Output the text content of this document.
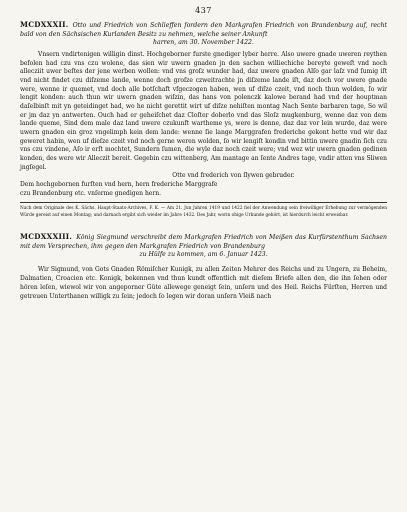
437
MCDXXXII. Otto und Friedrich von Schlieffen fordern den Markgrafen Friedrich von Brandenburg auf, recht bald von den Sächsischen Kurlanden Besitz zu nehmen, welche seiner Ankunft
harren, am 30. November 1422.

Vnsern vndirtenigen willigin dinst. Hochgeborner furste gnediger lyber herre. Also uwere gnade uweren reythen befolen had czu vns czu wolene, das sien wir uwern gnaden jn den sachen williechiche bereyte geweſt vnd noch allecziit uwer beſtes der jene werben wollen: vnd vns groſz wunder had, daz uwere gnaden Alſo gar laſz vnd ſumig iſt vnd nicht findet czu diſzeme lande, wenne doch groſze czweitrachte jn diſzeme lande iſt, daz doch vor uwere gnade were, wenne ir quemet, vnd doch alle botſchaft vfgeczogen haben, wen uf diſze czeit, vnd noch thun wolden, ſo wir lengit konden: auch thun wir uwern gnaden wiſzin, das hans von polenczk kalowe berand had vnd der houptman daſelbinſt mit yn geteidinget had, wo he nicht gerettit wirt uf diſze nehiſten montag Nach Sente barbaren tage, So wil er jm daz yn antwerten. Ouch had er geheiſchet daz Cloſter doberlo vnd das Sloſz mugkenburg, wenne daz von dem lande queme, Sind dem male daz land uwere czukunft wartheme ys, were is denne, daz daz vor lein wurde, daz were uwern gnaden ein groz vngelimph kein dem lande: wenne ſie lange Marggrafen frederiche gekont hette vnd wir daz geweret habin, wen uf dieſze czeit vnd noch gerne weren wolden, ſo wir lengiſt kondin vnd bittin uwere gnadin ſich czu vns czu vindene, Aſo ir erſt mochtet, Sundern ſumen, die wyle daz noch czeit were; vnd wez wir uwern gnaden gedinen konden, des were wir Alleczit bereit. Gegebin czu wittenberg, Am mantage an ſente Andres tage, vndir atten vns Sliwen jngſegel.

Otte vnd frederich von ſlywen gebruder.
Dem hochgebornen furſten vnd hern, hern frederiche Marggrafe
czu Brandenburg etc. vnſerme gnedigen hern.

Nach dem Originale des K. Sächs. Haupt-Staats-Archives, F. K. — Am 21. Jun Jahren 1419 und 1422 fiel der Anwendung sein freiwilliger Erhebung zur vermögenden Würde gereist auf einen Montag; und darnach ergibt sich wieder im Jahre 1432. Des Jahr, worin obige Urkunde gehört, ist hierdurch leicht erweisbar.

MCDXXXIII. König Siegmund verschreibt dem Markgrafen Friedrich von Meißen das Kurfürstenthum Sachsen mit dem Versprechen, ihm gegen den Markgrafen Friedrich von Brandenburg
zu Hülfe zu kommen, am 6. Januar 1423.

Wir Sigmund, von Gots Gnaden Römiſcher Kunigk, zu allen Zeiten Mehrer des Reichs und zu Ungern, zu Beheim, Dalmatien, Croacien etc. Konigk, bekennen vnd thun kundt offentlich mit dieſem Briefe allen den, die ihn ſehen oder hören leſen, wiewol wir von angeporner Güte allewege geneigt ſein, unſern und des Heil. Reichs Fürſten, Herren und getreuen Unterthanen willigk zu ſein; jedoch ſo legen wir doran unſern Vleiß nach
